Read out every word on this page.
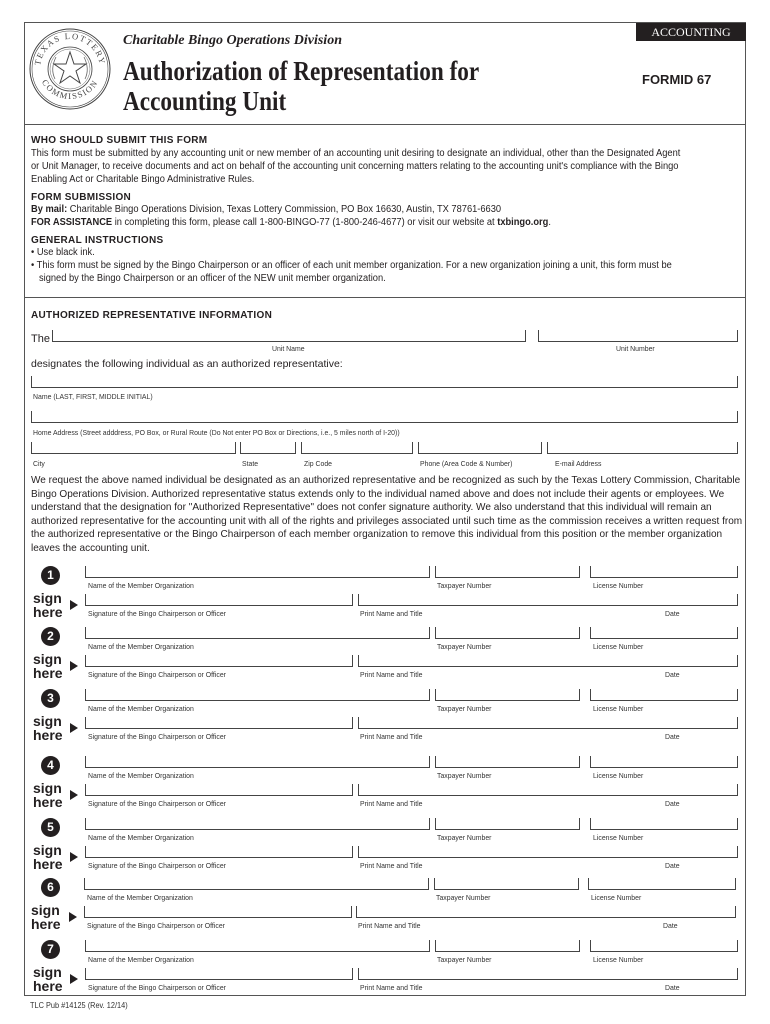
ACCOUNTING UNIT
TEXAS LOTTERY
COMMISSION
Charitable Bingo Operations Division
Authorization of Representation for
Accounting Unit
FORMID 67
WHO SHOULD SUBMIT THIS FORM
This form must be submitted by any accounting unit or new member of an accounting unit desiring to designate an individual, other than the Designated Agent
or Unit Manager, to receive documents and act on behalf of the accounting unit concerning matters relating to the accounting unit's compliance with the Bingo
Enabling Act or Charitable Bingo Administrative Rules.
FORM SUBMISSION
By mail: Charitable Bingo Operations Division, Texas Lottery Commission, PO Box 16630, Austin, TX 78761-6630
FOR ASSISTANCE in completing this form, please call 1-800-BINGO-77 (1-800-246-4677) or visit our website at txbingo.org.
GENERAL INSTRUCTIONS
• Use black ink.
• This form must be signed by the Bingo Chairperson or an officer of each unit member organization. For a new organization joining a unit, this form must be
signed by the Bingo Chairperson or an officer of the NEW unit member organization.
AUTHORIZED REPRESENTATIVE INFORMATION
The
Unit Name	Unit Number
designates the following individual as an authorized representative:
Name (LAST, FIRST, MIDDLE INITIAL)
Home Address (Street adddress, PO Box, or Rural Route (Do Not enter PO Box or Directions, i.e., 5 miles north of I-20))
City	State	Zip Code	Phone (Area Code & Number)	E-mail Address
We request the above named individual be designated as an authorized representative and be recognized as such by the Texas Lottery Commission, Charitable
Bingo Operations Division. Authorized representative status extends only to the individual named above and does not include their agents or employees. We
understand that the designation for "Authorized Representative" does not confer signature authority. We also understand that this individual will remain an
authorized representative for the accounting unit with all of the rights and privileges associated until such time as the commission receives a written request from
the authorized representative or the Bingo Chairperson of each member organization to remove this individual from this position or the member organization
leaves the accounting unit.
1
sign
here
Name of the Member Organization	Taxpayer Number	License Number
Signature of the Bingo Chairperson or Officer	Print Name and Title	Date
2
sign
here
Name of the Member Organization	Taxpayer Number	License Number
Signature of the Bingo Chairperson or Officer	Print Name and Title	Date
3
sign
here
Name of the Member Organization	Taxpayer Number	License Number
Signature of the Bingo Chairperson or Officer	Print Name and Title	Date
4
sign
here
Name of the Member Organization	Taxpayer Number	License Number
Signature of the Bingo Chairperson or Officer	Print Name and Title	Date
5
sign
here
Name of the Member Organization	Taxpayer Number	License Number
Signature of the Bingo Chairperson or Officer	Print Name and Title	Date
6
sign
here
Name of the Member Organization	Taxpayer Number	License Number
Signature of the Bingo Chairperson or Officer	Print Name and Title	Date
7
sign
here
Name of the Member Organization	Taxpayer Number	License Number
Signature of the Bingo Chairperson or Officer	Print Name and Title	Date
TLC Pub #14125 (Rev. 12/14)
